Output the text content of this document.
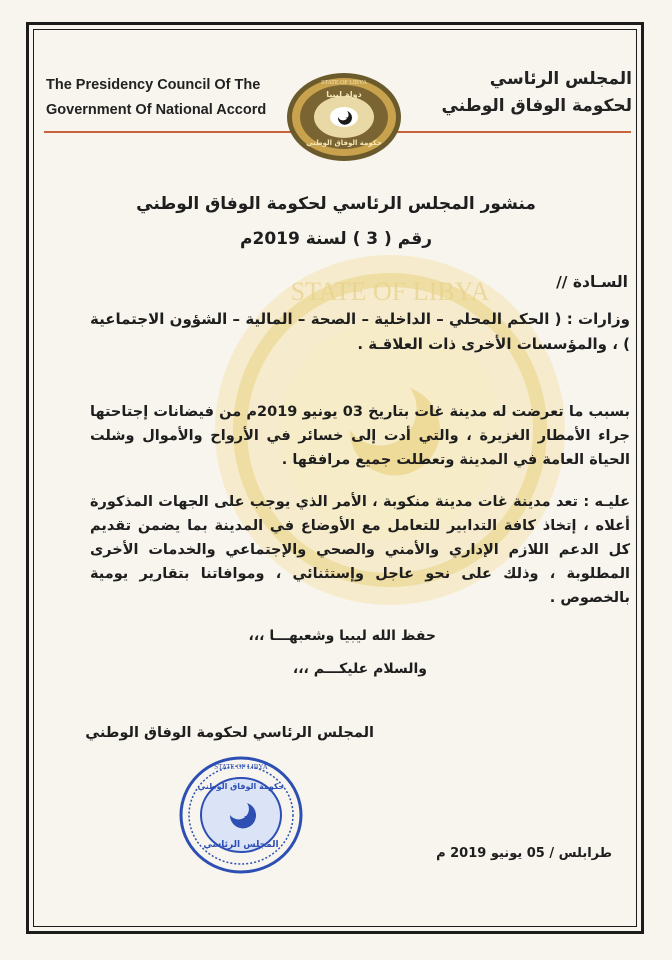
STATE OF LIBYA
The Presidency Council Of The
Government Of National Accord
المجلس الرئاسي
لحكومة الوفاق الوطني
STATE OF LIBYA
دولة ليبيا
حكومة الوفاق الوطني
منشور المجلس الرئاسي لحكومة الوفاق الوطني
رقم ( 3 ) لسنة 2019م
السـادة //
وزارات : ( الحكم المحلي – الداخلية – الصحة – المالية – الشؤون الاجتماعية ) ، والمؤسسات الأخرى ذات العلاقـة .
بسبب ما تعرضت له مدينة غات بتاريخ 03 يونيو 2019م من فيضانات إجتاحتها جراء الأمطار الغزيرة ، والتي أدت إلى خسائر في الأرواح والأموال وشلت الحياة العامة في المدينة وتعطلت جميع مرافقها .
عليـه : تعد مدينة غات مدينة منكوبة ، الأمر الذي يوجب على الجهات المذكورة أعلاه ، إتخاذ كافة التدابير للتعامل مع الأوضاع في المدينة بما يضمن تقديم كل الدعم اللازم الإداري والأمني والصحي والإجتماعي والخدمات الأخرى المطلوبة ، وذلك على نحو عاجل وإستثنائي ، وموافاتنا بتقارير يومية بالخصوص .
حفظ الله ليبيا وشعبهـــا ،،،
والسلام عليكـــم ،،،
المجلس الرئاسي لحكومة الوفاق الوطني
STATE OF LIBYA
حكومة الوفاق الوطني
المجلس الرئاسي
طرابلس / 05 يونيو 2019 م
